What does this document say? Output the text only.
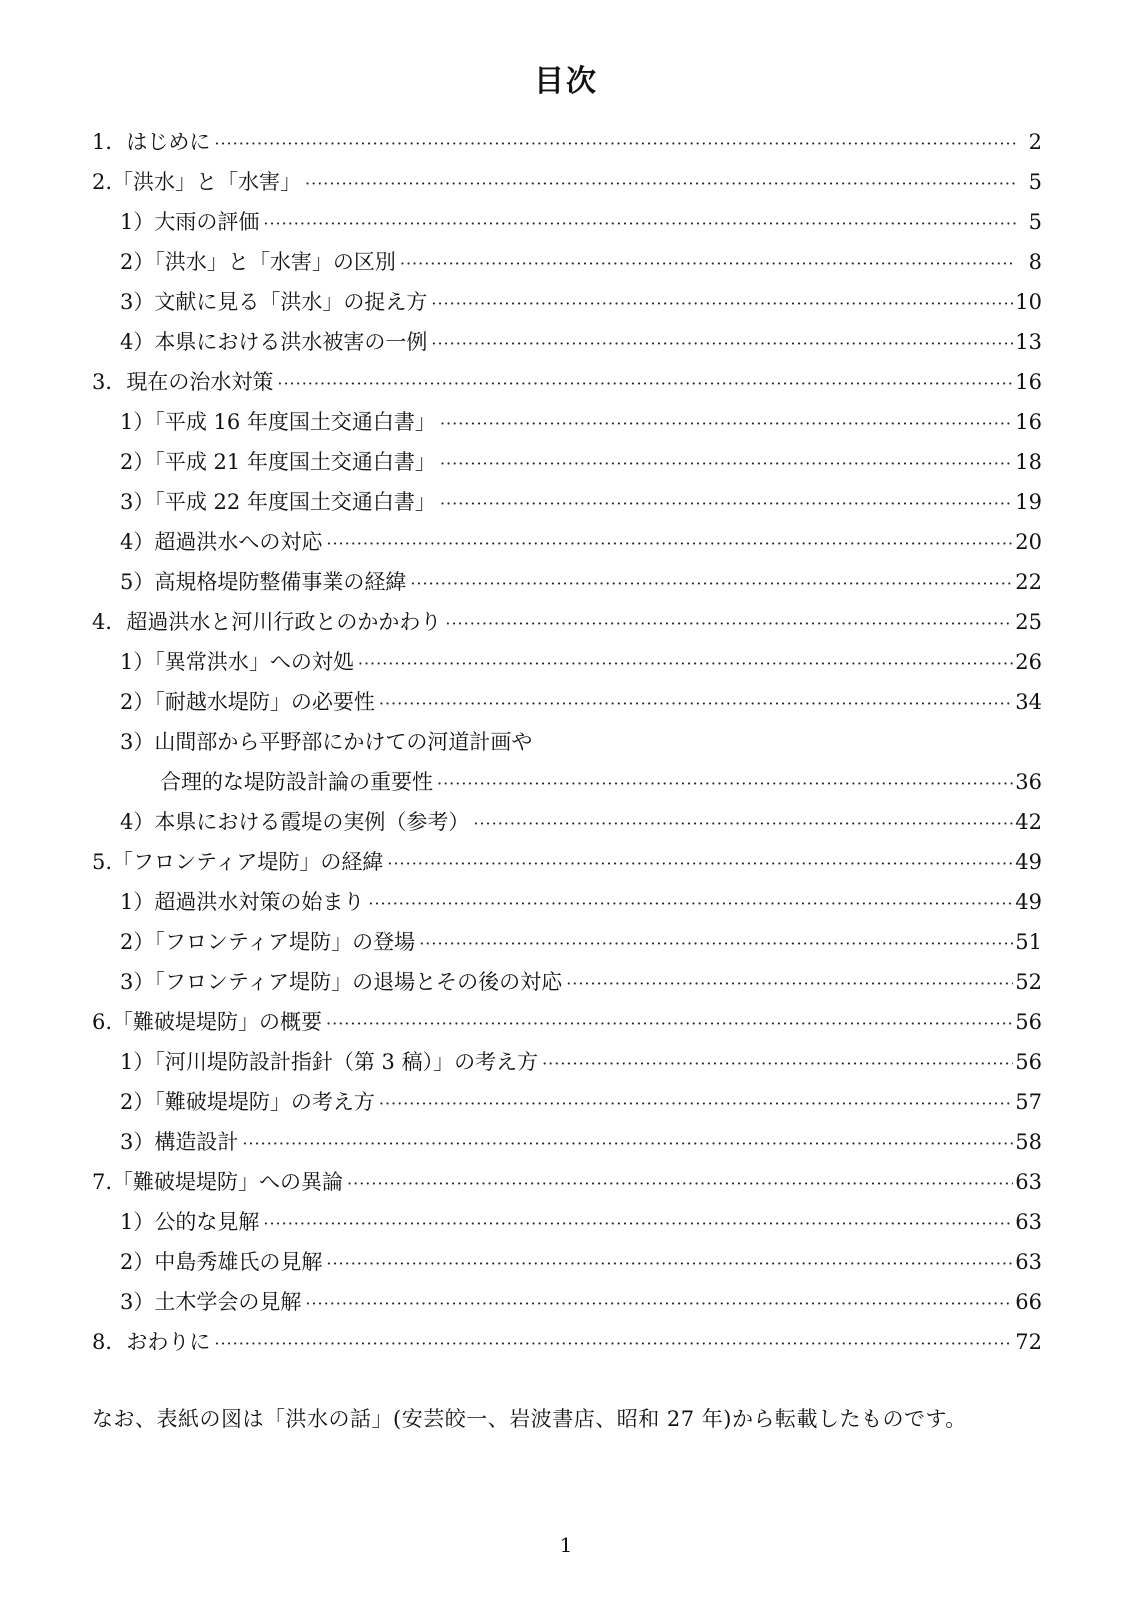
目次
1．はじめに ·····	2
2.「洪水」と「水害」 ·····	5
1）大雨の評価 ·····	5
2）「洪水」と「水害」の区別 ·····	8
3）文献に見る「洪水」の捉え方 ·····	10
4）本県における洪水被害の一例 ·····	13
3．現在の治水対策 ·····	16
1）「平成 16 年度国土交通白書」 ·····	16
2）「平成 21 年度国土交通白書」 ·····	18
3）「平成 22 年度国土交通白書」 ·····	19
4）超過洪水への対応 ·····	20
5）高規格堤防整備事業の経緯 ·····	22
4．超過洪水と河川行政とのかかわり ·····	25
1）「異常洪水」への対処 ·····	26
2）「耐越水堤防」の必要性 ·····	34
3）山間部から平野部にかけての河道計画や
合理的な堤防設計論の重要性 ·····	36
4）本県における霞堤の実例（参考） ·····	42
5.「フロンティア堤防」の経緯 ·····	49
1）超過洪水対策の始まり ·····	49
2）「フロンティア堤防」の登場 ·····	51
3）「フロンティア堤防」の退場とその後の対応 ·····	52
6.「難破堤堤防」の概要 ·····	56
1）「河川堤防設計指針（第 3 稿）」の考え方 ·····	56
2）「難破堤堤防」の考え方 ·····	57
3）構造設計 ·····	58
7.「難破堤堤防」への異論 ·····	63
1）公的な見解 ·····	63
2）中島秀雄氏の見解 ·····	63
3）土木学会の見解 ·····	66
8．おわりに ·····	72

なお、表紙の図は「洪水の話」(安芸皎一、岩波書店、昭和 27 年)から転載したものです。

1
